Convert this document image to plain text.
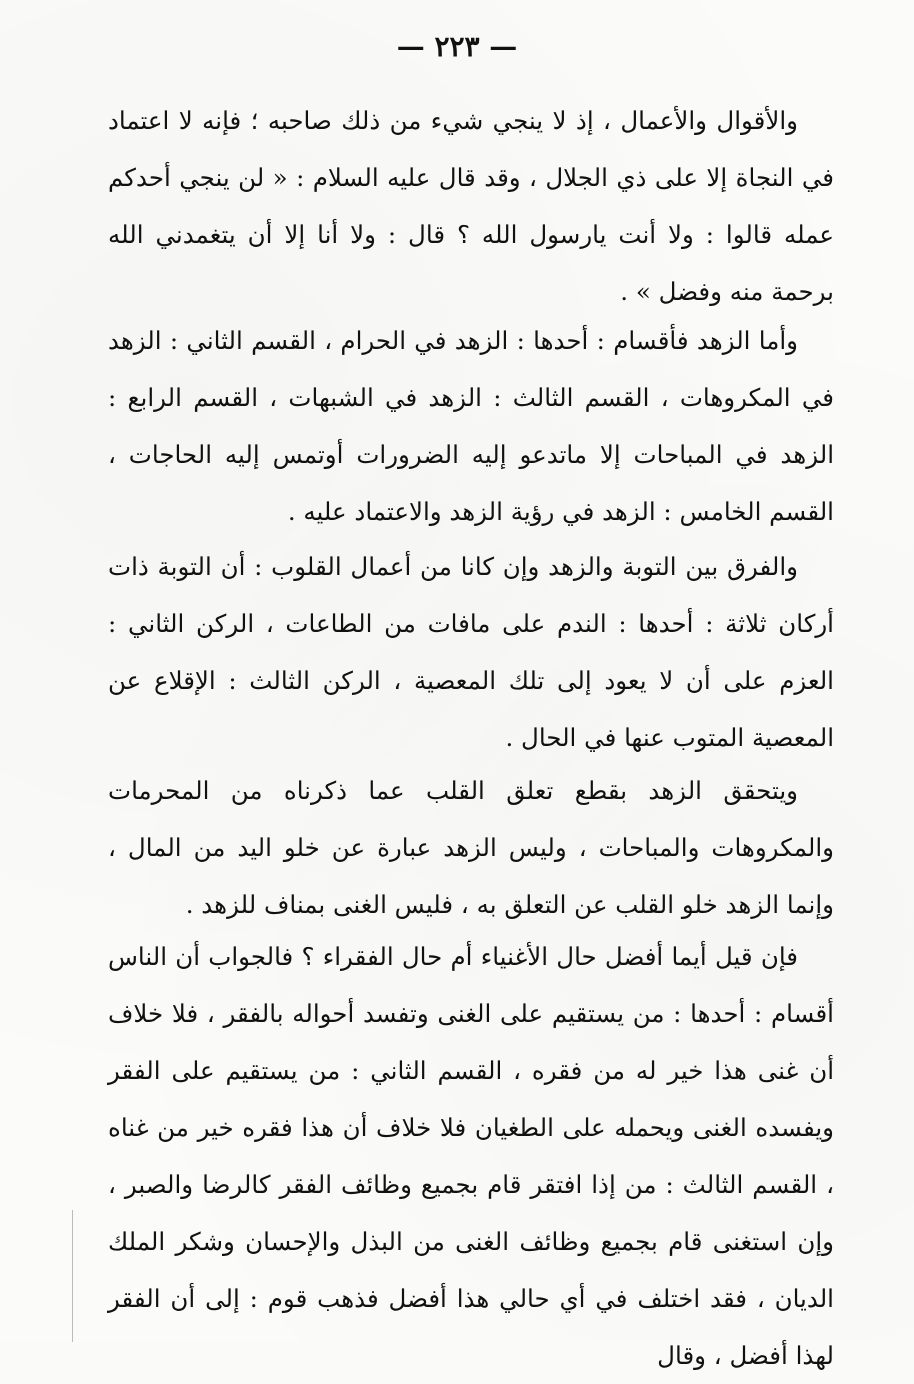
— ٢٢٣ —

والأقوال والأعمال ، إذ لا ينجي شيء من ذلك صاحبه ؛ فإنه لا اعتماد في النجاة إلا على ذي الجلال ، وقد قال عليه السلام : « لن ينجي أحدكم عمله قالوا : ولا أنت يارسول الله ؟ قال : ولا أنا إلا أن يتغمدني الله برحمة منه وفضل » .

وأما الزهد فأقسام : أحدها : الزهد في الحرام ، القسم الثاني : الزهد في المكروهات ، القسم الثالث : الزهد في الشبهات ، القسم الرابع : الزهد في المباحات إلا ماتدعو إليه الضرورات أوتمس إليه الحاجات ، القسم الخامس : الزهد في رؤية الزهد والاعتماد عليه .

والفرق بين التوبة والزهد وإن كانا من أعمال القلوب : أن التوبة ذات أركان ثلاثة : أحدها : الندم على مافات من الطاعات ، الركن الثاني : العزم على أن لا يعود إلى تلك المعصية ، الركن الثالث : الإقلاع عن المعصية المتوب عنها في الحال .

ويتحقق الزهد بقطع تعلق القلب عما ذكرناه من المحرمات والمكروهات والمباحات ، وليس الزهد عبارة عن خلو اليد من المال ، وإنما الزهد خلو القلب عن التعلق به ، فليس الغنى بمناف للزهد .

فإن قيل أيما أفضل حال الأغنياء أم حال الفقراء ؟ فالجواب أن الناس أقسام : أحدها : من يستقيم على الغنى وتفسد أحواله بالفقر ، فلا خلاف أن غنى هذا خير له من فقره ، القسم الثاني : من يستقيم على الفقر ويفسده الغنى ويحمله على الطغيان فلا خلاف أن هذا فقره خير من غناه ، القسم الثالث : من إذا افتقر قام بجميع وظائف الفقر كالرضا والصبر ، وإن استغنى قام بجميع وظائف الغنى من البذل والإحسان وشكر الملك الديان ، فقد اختلف في أي حالي هذا أفضل فذهب قوم : إلى أن الفقر لهذا أفضل ، وقال
